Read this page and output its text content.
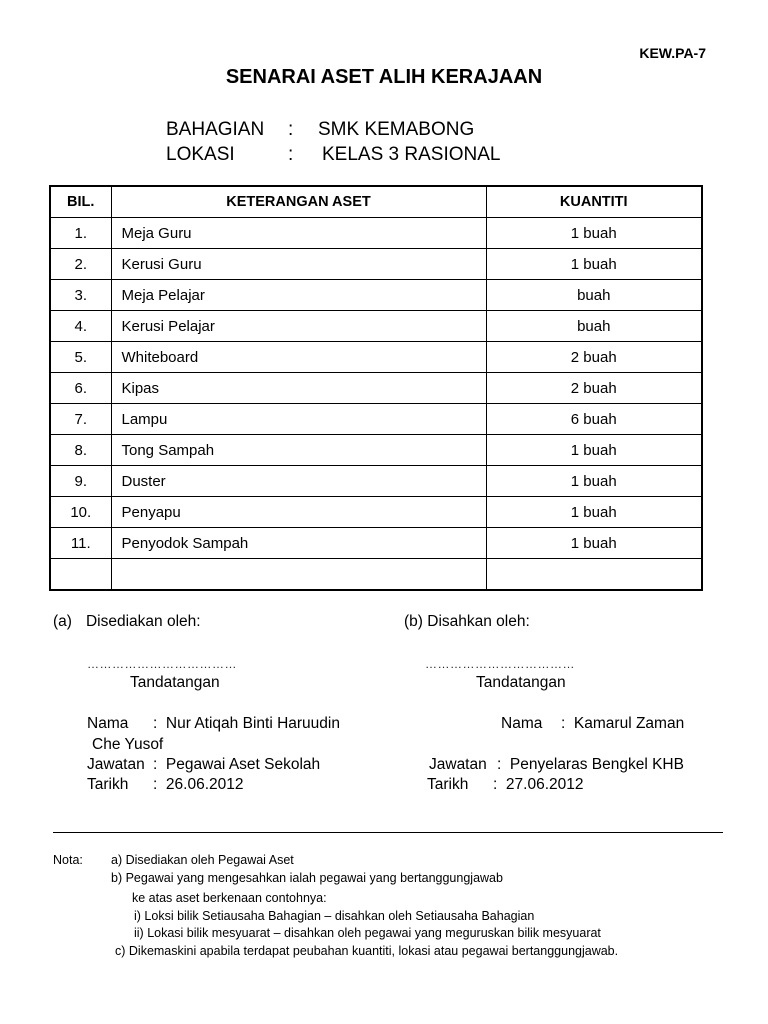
KEW.PA-7
SENARAI ASET ALIH KERAJAAN
BAHAGIAN : SMK KEMABONG
LOKASI	: KELAS 3 RASIONAL
BIL.	KETERANGAN ASET	KUANTITI
1.	Meja Guru	1 buah
2.	Kerusi Guru	1 buah
3.	Meja Pelajar	buah
4.	Kerusi Pelajar	buah
5.	Whiteboard	2 buah
6.	Kipas	2 buah
7.	Lampu	6 buah
8.	Tong Sampah	1 buah
9.	Duster	1 buah
10.	Penyapu	1 buah
11.	Penyodok Sampah	1 buah

(a) Disediakan oleh:
………………………………
Tandatangan
Nama :  Nur Atiqah Binti Haruudin
Che Yusof
Jawatan :  Pegawai Aset Sekolah
Tarikh :  26.06.2012
(b) Disahkan oleh:
………………………………
Tandatangan
Nama :  Kamarul Zaman
Jawatan :  Penyelaras Bengkel KHB
Tarikh :  27.06.2012
Nota: a) Disediakan oleh Pegawai Aset
b) Pegawai yang mengesahkan ialah pegawai yang bertanggungjawab
ke atas aset berkenaan contohnya:
i) Loksi bilik Setiausaha Bahagian – disahkan oleh Setiausaha Bahagian
ii) Lokasi bilik mesyuarat – disahkan oleh pegawai yang meguruskan bilik mesyuarat
c) Dikemaskini apabila terdapat peubahan kuantiti, lokasi atau pegawai bertanggungjawab.
